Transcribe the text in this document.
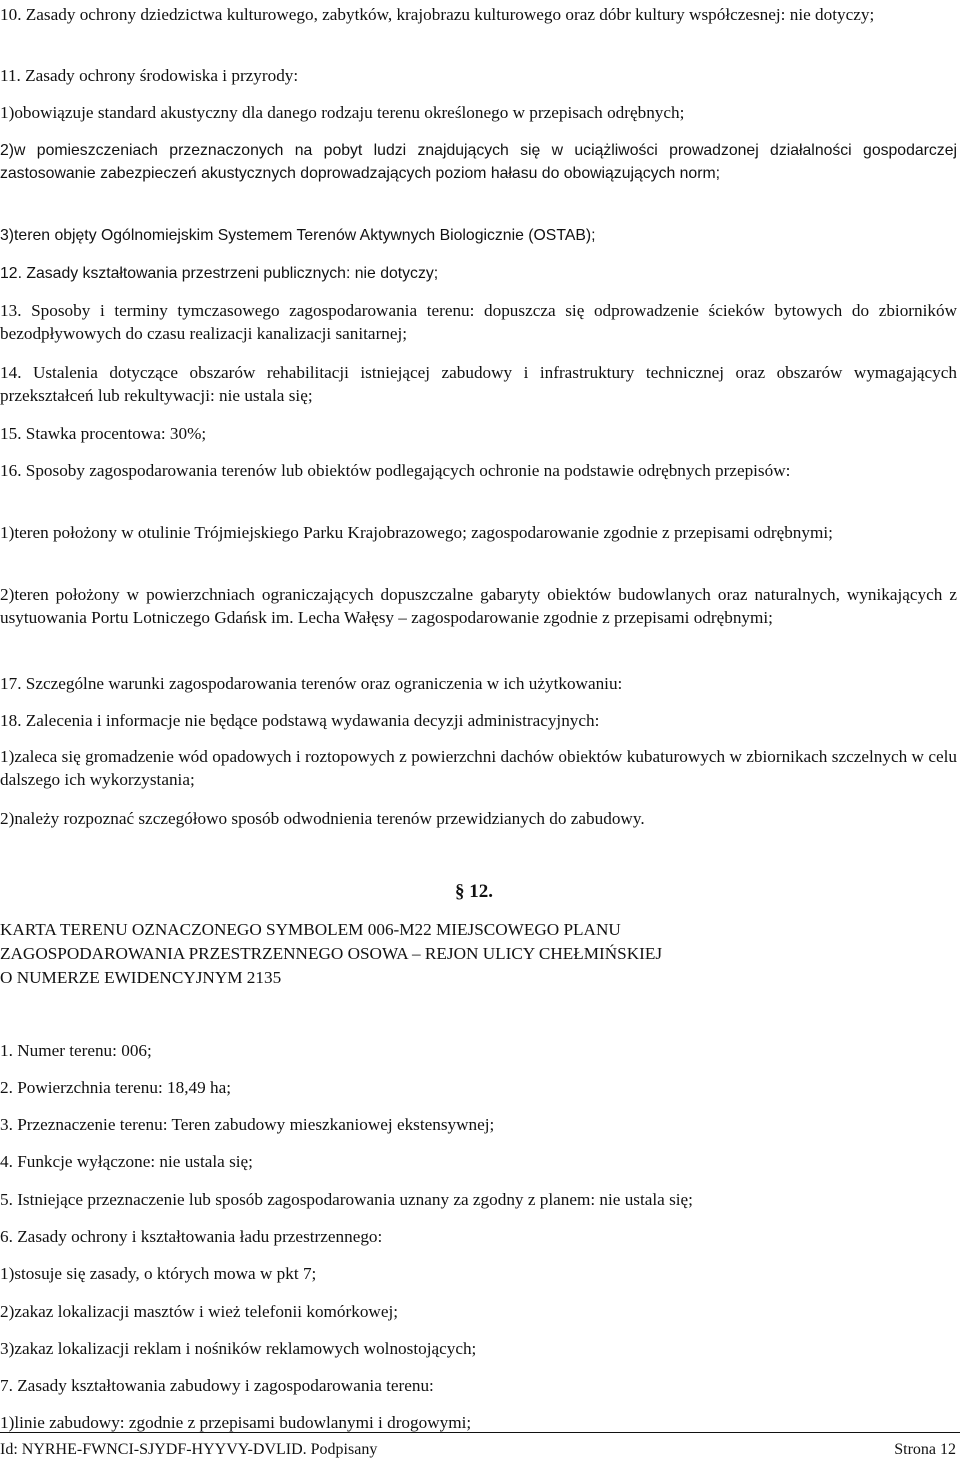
10. Zasady ochrony dziedzictwa kulturowego, zabytków, krajobrazu kulturowego oraz dóbr kultury współczesnej: nie dotyczy;

11. Zasady ochrony środowiska i przyrody:

1)obowiązuje standard akustyczny dla danego rodzaju terenu określonego w przepisach odrębnych;

2)w pomieszczeniach przeznaczonych na pobyt ludzi znajdujących się w uciążliwości prowadzonej działalności gospodarczej zastosowanie zabezpieczeń akustycznych doprowadzających poziom hałasu do obowiązujących norm;

3)teren objęty Ogólnomiejskim Systemem Terenów Aktywnych Biologicznie (OSTAB);

12. Zasady kształtowania przestrzeni publicznych: nie dotyczy;

13. Sposoby i terminy tymczasowego zagospodarowania terenu: dopuszcza się odprowadzenie ścieków bytowych do zbiorników bezodpływowych do czasu realizacji kanalizacji sanitarnej;

14. Ustalenia dotyczące obszarów rehabilitacji istniejącej zabudowy i infrastruktury technicznej oraz obszarów wymagających przekształceń lub rekultywacji: nie ustala się;

15. Stawka procentowa: 30%;

16. Sposoby zagospodarowania terenów lub obiektów podlegających ochronie na podstawie odrębnych przepisów:

1)teren położony w otulinie Trójmiejskiego Parku Krajobrazowego; zagospodarowanie zgodnie z przepisami odrębnymi;

2)teren położony w powierzchniach ograniczających dopuszczalne gabaryty obiektów budowlanych oraz naturalnych, wynikających z usytuowania Portu Lotniczego Gdańsk im. Lecha Wałęsy – zagospodarowanie zgodnie z przepisami odrębnymi;

17. Szczególne warunki zagospodarowania terenów oraz ograniczenia w ich użytkowaniu:

18. Zalecenia i informacje nie będące podstawą wydawania decyzji administracyjnych:

1)zaleca się gromadzenie wód opadowych i roztopowych z powierzchni dachów obiektów kubaturowych w zbiornikach szczelnych w celu dalszego ich wykorzystania;

2)należy rozpoznać szczegółowo sposób odwodnienia terenów przewidzianych do zabudowy.

§ 12.
KARTA TERENU OZNACZONEGO SYMBOLEM 006-M22 MIEJSCOWEGO PLANU
ZAGOSPODAROWANIA PRZESTRZENNEGO OSOWA – REJON ULICY CHEŁMIŃSKIEJ
O NUMERZE EWIDENCYJNYM 2135

1. Numer terenu: 006;

2. Powierzchnia terenu: 18,49 ha;

3. Przeznaczenie terenu: Teren zabudowy mieszkaniowej ekstensywnej;

4. Funkcje wyłączone: nie ustala się;

5. Istniejące przeznaczenie lub sposób zagospodarowania uznany za zgodny z planem: nie ustala się;

6. Zasady ochrony i kształtowania ładu przestrzennego:

1)stosuje się zasady, o których mowa w pkt 7;

2)zakaz lokalizacji masztów i wież telefonii komórkowej;

3)zakaz lokalizacji reklam i nośników reklamowych wolnostojących;

7. Zasady kształtowania zabudowy i zagospodarowania terenu:

1)linie zabudowy: zgodnie z przepisami budowlanymi i drogowymi;

Id: NYRHE-FWNCI-SJYDF-HYYVY-DVLID. Podpisany	Strona 12
